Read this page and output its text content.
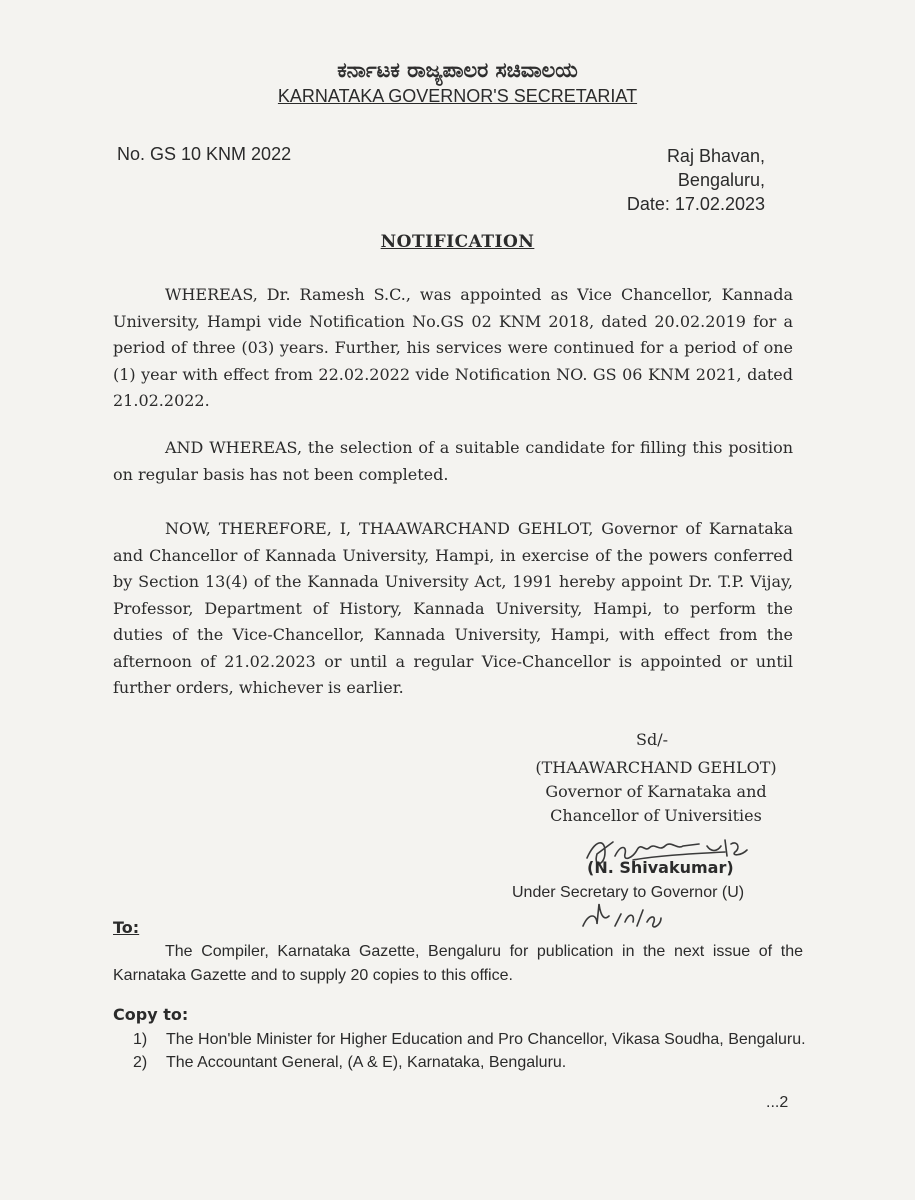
ಕರ್ನಾಟಕ ರಾಜ್ಯಪಾಲರ ಸಚಿವಾಲಯ
KARNATAKA GOVERNOR'S SECRETARIAT
No. GS 10 KNM 2022	Raj Bhavan,
Bengaluru,
Date: 17.02.2023
NOTIFICATION
WHEREAS, Dr. Ramesh S.C., was appointed as Vice Chancellor, Kannada University, Hampi vide Notification No.GS 02 KNM 2018, dated 20.02.2019 for a period of three (03) years. Further, his services were continued for a period of one (1) year with effect from 22.02.2022 vide Notification NO. GS 06 KNM 2021, dated 21.02.2022.
AND WHEREAS, the selection of a suitable candidate for filling this position on regular basis has not been completed.
NOW, THEREFORE, I, THAAWARCHAND GEHLOT, Governor of Karnataka and Chancellor of Kannada University, Hampi, in exercise of the powers conferred by Section 13(4) of the Kannada University Act, 1991 hereby appoint Dr. T.P. Vijay, Professor, Department of History, Kannada University, Hampi, to perform the duties of the Vice-Chancellor, Kannada University, Hampi, with effect from the afternoon of 21.02.2023 or until a regular Vice-Chancellor is appointed or until further orders, whichever is earlier.
Sd/-
(THAAWARCHAND GEHLOT)
Governor of Karnataka and
Chancellor of Universities
(N. Shivakumar)
Under Secretary to Governor (U)
To:
The Compiler, Karnataka Gazette, Bengaluru for publication in the next issue of the Karnataka Gazette and to supply 20 copies to this office.
Copy to:
1) The Hon'ble Minister for Higher Education and Pro Chancellor, Vikasa Soudha, Bengaluru.
2) The Accountant General, (A & E), Karnataka, Bengaluru.
...2
